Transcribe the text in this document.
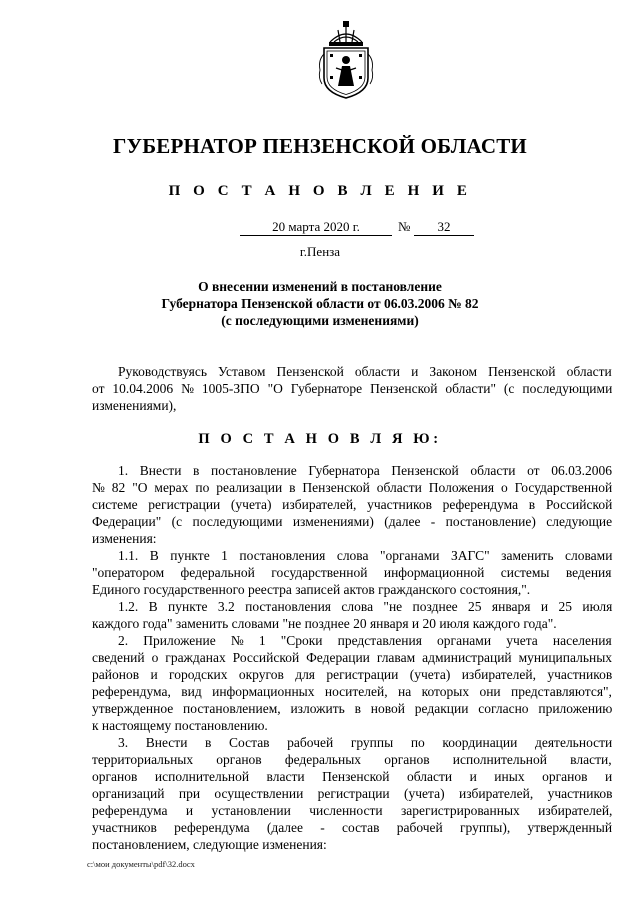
ГУБЕРНАТОР ПЕНЗЕНСКОЙ ОБЛАСТИ
П О С Т А Н О В Л Е Н И Е
20 марта 2020 г.	№	32
г.Пенза
О внесении изменений в постановление
Губернатора Пензенской области от 06.03.2006 № 82
(с последующими изменениями)
Руководствуясь Уставом Пензенской области и Законом Пензенской области
от 10.04.2006 № 1005-ЗПО "О Губернаторе Пензенской области" (с последующими
изменениями),
П О С Т А Н О В Л Я Ю:
1. Внести в постановление Губернатора Пензенской области от 06.03.2006
№ 82 "О мерах по реализации в Пензенской области Положения о Государственной
системе регистрации (учета) избирателей, участников референдума в Российской
Федерации" (с последующими изменениями) (далее - постановление) следующие
изменения:
1.1. В пункте 1 постановления слова "органами ЗАГС" заменить словами
"оператором федеральной государственной информационной системы ведения
Единого государственного реестра записей актов гражданского состояния,".
1.2. В пункте 3.2 постановления слова "не позднее 25 января и 25 июля
каждого года" заменить словами "не позднее 20 января и 20 июля каждого года".
2. Приложение № 1 "Сроки представления органами учета населения
сведений о гражданах Российской Федерации главам администраций муниципальных
районов и городских округов для регистрации (учета) избирателей, участников
референдума, вид информационных носителей, на которых они представляются",
утвержденное постановлением, изложить в новой редакции согласно приложению
к настоящему постановлению.
3. Внести в Состав рабочей группы по координации деятельности
территориальных органов федеральных органов исполнительной власти,
органов исполнительной власти Пензенской области и иных органов и
организаций при осуществлении регистрации (учета) избирателей, участников
референдума и установлении численности зарегистрированных избирателей,
участников референдума (далее - состав рабочей группы), утвержденный
постановлением, следующие изменения:
c:\мои документы\pdf\32.docx
